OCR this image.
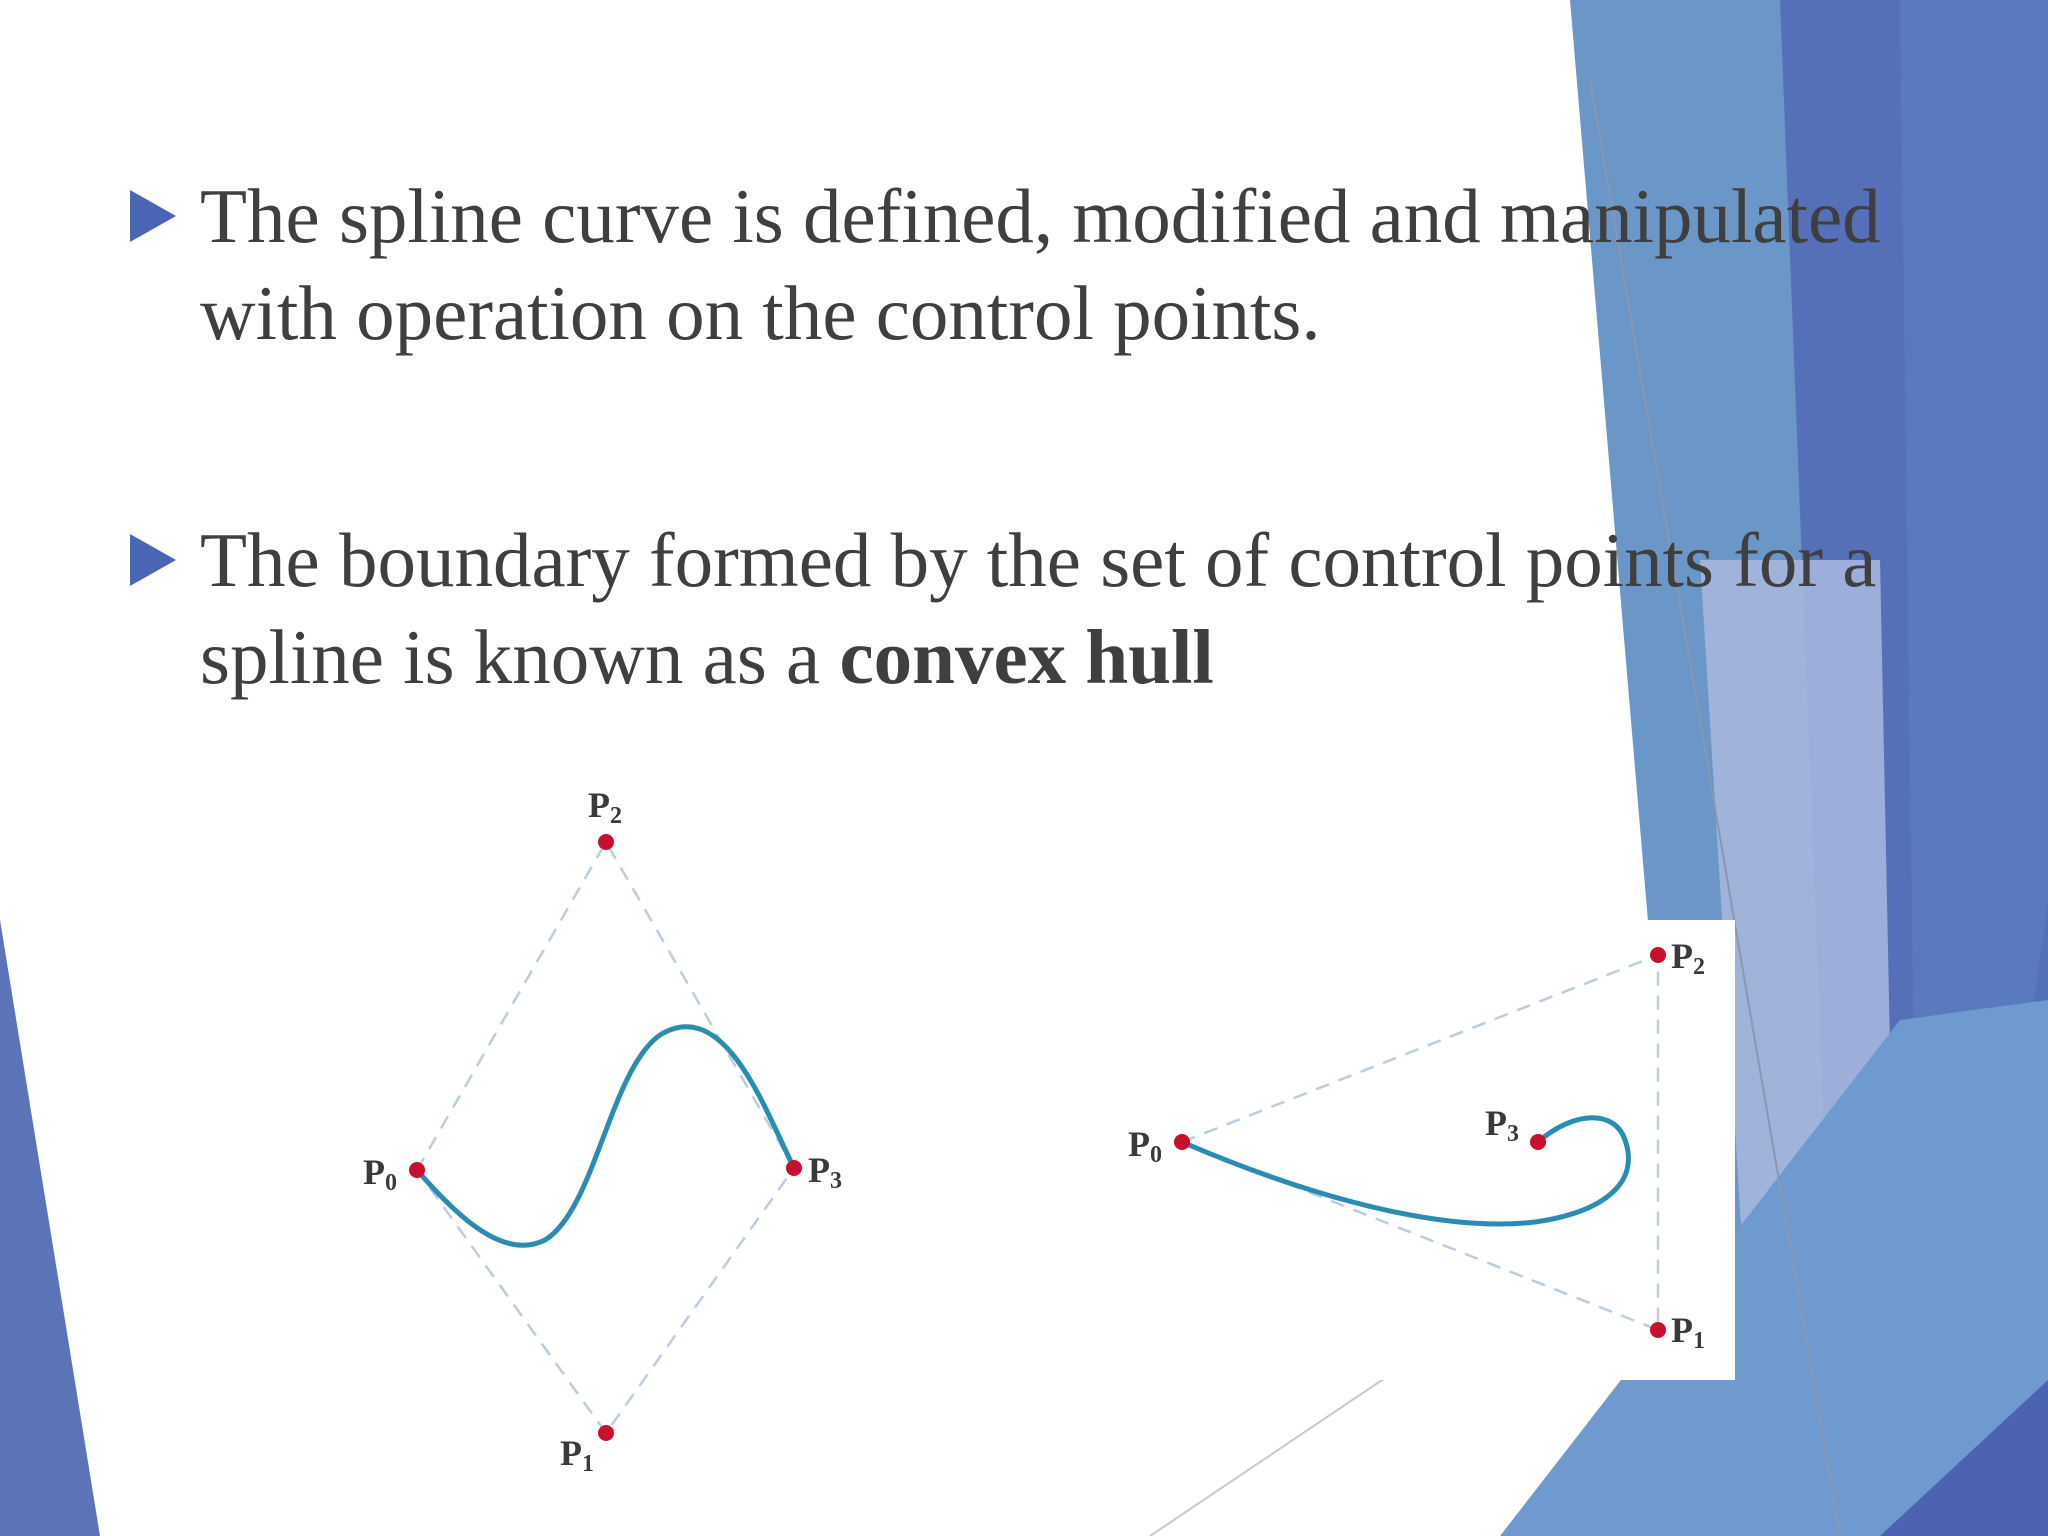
The spline curve is defined, modified and manipulated
with operation on the control points.
The boundary formed by the set of control points for a
spline is known as a convex hull
P0
P1
P2
P3
P0
P1
P2
P3
